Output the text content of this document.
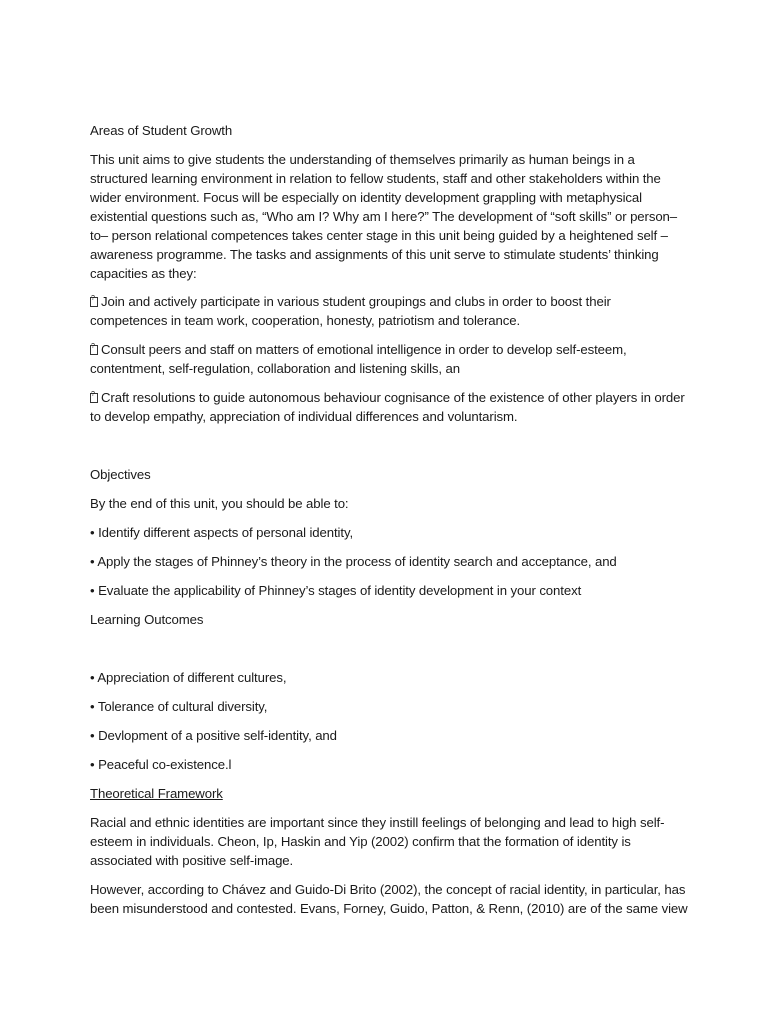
Areas of Student Growth
This unit aims to give students the understanding of themselves primarily as human beings in a
structured learning environment in relation to fellow students, staff and other stakeholders within the
wider environment. Focus will be especially on identity development grappling with metaphysical
existential questions such as, “Who am I? Why am I here?” The development of “soft skills” or person–
to– person relational competences takes center stage in this unit being guided by a heightened self –
awareness programme. The tasks and assignments of this unit serve to stimulate students’ thinking
capacities as they:
?Join and actively participate in various student groupings and clubs in order to boost their
competences in team work, cooperation, honesty, patriotism and tolerance.
?Consult peers and staff on matters of emotional intelligence in order to develop self-esteem,
contentment, self-regulation, collaboration and listening skills, an
?Craft resolutions to guide autonomous behaviour cognisance of the existence of other players in order
to develop empathy, appreciation of individual differences and voluntarism.
Objectives
By the end of this unit, you should be able to:
• Identify different aspects of personal identity,
• Apply the stages of Phinney’s theory in the process of identity search and acceptance, and
• Evaluate the applicability of Phinney’s stages of identity development in your context
Learning Outcomes
• Appreciation of different cultures,
• Tolerance of cultural diversity,
• Devlopment of a positive self-identity, and
• Peaceful co-existence.l
Theoretical Framework
Racial and ethnic identities are important since they instill feelings of belonging and lead to high self-
esteem in individuals. Cheon, Ip, Haskin and Yip (2002) confirm that the formation of identity is
associated with positive self-image.
However, according to Chávez and Guido-Di Brito (2002), the concept of racial identity, in particular, has
been misunderstood and contested. Evans, Forney, Guido, Patton, & Renn, (2010) are of the same view
